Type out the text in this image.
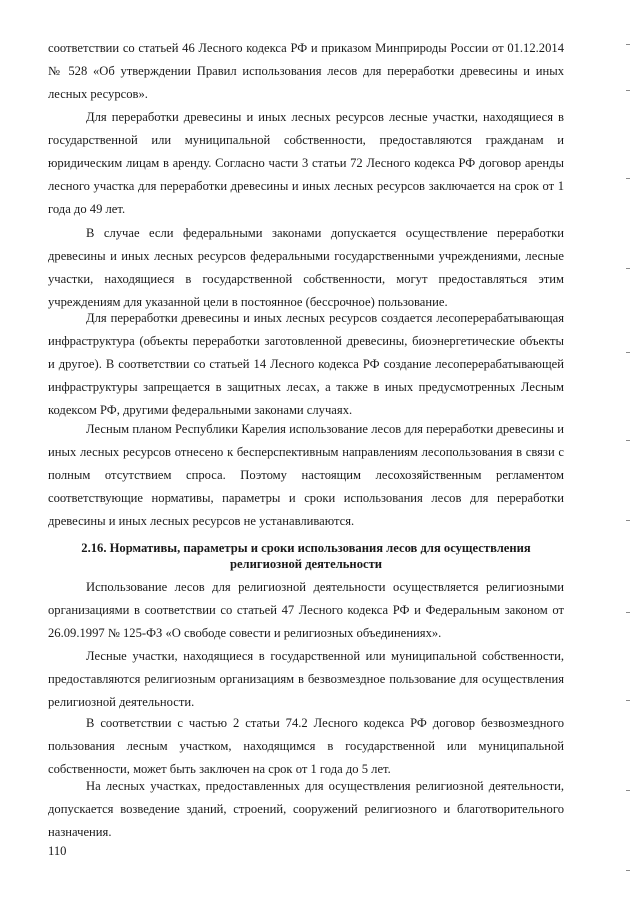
соответствии со статьей 46 Лесного кодекса РФ и приказом Минприроды России от 01.12.2014 № 528 «Об утверждении Правил использования лесов для переработки древесины и иных лесных ресурсов».

Для переработки древесины и иных лесных ресурсов лесные участки, находящиеся в государственной или муниципальной собственности, предоставляются гражданам и юридическим лицам в аренду. Согласно части 3 статьи 72 Лесного кодекса РФ договор аренды лесного участка для переработки древесины и иных лесных ресурсов заключается на срок от 1 года до 49 лет.

В случае если федеральными законами допускается осуществление переработки древесины и иных лесных ресурсов федеральными государственными учреждениями, лесные участки, находящиеся в государственной собственности, могут предоставляться этим учреждениям для указанной цели в постоянное (бессрочное) пользование.

Для переработки древесины и иных лесных ресурсов создается лесоперерабатывающая инфраструктура (объекты переработки заготовленной древесины, биоэнергетические объекты и другое). В соответствии со статьей 14 Лесного кодекса РФ создание лесоперерабатывающей инфраструктуры запрещается в защитных лесах, а также в иных предусмотренных Лесным кодексом РФ, другими федеральными законами случаях.

Лесным планом Республики Карелия использование лесов для переработки древесины и иных лесных ресурсов отнесено к бесперспективным направлениям лесопользования в связи с полным отсутствием спроса. Поэтому настоящим лесохозяйственным регламентом соответствующие нормативы, параметры и сроки использования лесов для переработки древесины и иных лесных ресурсов не устанавливаются.

2.16. Нормативы, параметры и сроки использования лесов для осуществления
религиозной деятельности

Использование лесов для религиозной деятельности осуществляется религиозными организациями в соответствии со статьей 47 Лесного кодекса РФ и Федеральным законом от 26.09.1997 № 125-ФЗ «О свободе совести и религиозных объединениях».

Лесные участки, находящиеся в государственной или муниципальной собственности, предоставляются религиозным организациям в безвозмездное пользование для осуществления религиозной деятельности.

В соответствии с частью 2 статьи 74.2 Лесного кодекса РФ договор безвозмездного пользования лесным участком, находящимся в государственной или муниципальной собственности, может быть заключен на срок от 1 года до 5 лет.

На лесных участках, предоставленных для осуществления религиозной деятельности, допускается возведение зданий, строений, сооружений религиозного и благотворительного назначения.

110
